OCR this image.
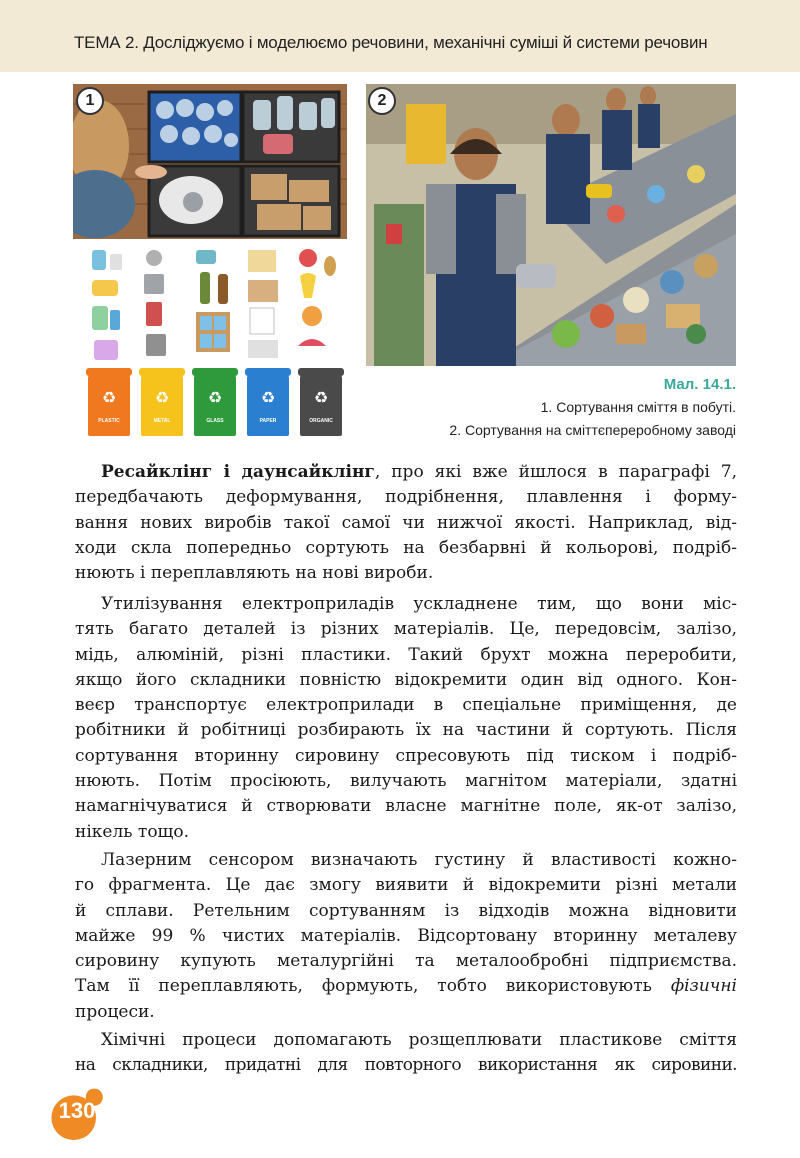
ТЕМА 2. Досліджуємо і моделюємо речовини, механічні суміші й системи речовин
1
♻
PLASTIC
♻
METAL
♻
GLASS
♻
PAPER
♻
ORGANIC
2
Мал. 14.1.
1. Сортування сміття в побуті.
2. Сортування на сміттєпереробному заводі
Ресайклінг і даунсайклінг, про які вже йшлося в параграфі 7,
передбачають деформування, подрібнення, плавлення і форму-
вання нових виробів такої самої чи нижчої якості. Наприклад, від-
ходи скла попередньо сортують на безбарвні й кольорові, подріб-
нюють і переплавляють на нові вироби.
Утилізування електроприладів ускладнене тим, що вони міс-
тять багато деталей із різних матеріалів. Це, передовсім, залізо,
мідь, алюміній, різні пластики. Такий брухт можна переробити,
якщо його складники повністю відокремити один від одного. Кон-
веєр транспортує електроприлади в спеціальне приміщення, де
робітники й робітниці розбирають їх на частини й сортують. Після
сортування вторинну сировину спресовують під тиском і подріб-
нюють. Потім просіюють, вилучають магнітом матеріали, здатні
намагнічуватися й створювати власне магнітне поле, як-от залізо,
нікель тощо.
Лазерним сенсором визначають густину й властивості кожно-
го фрагмента. Це дає змогу виявити й відокремити різні метали
й сплави. Ретельним сортуванням із відходів можна відновити
майже 99 % чистих матеріалів. Відсортовану вторинну металеву
сировину купують металургійні та металообробні підприємства.
Там її переплавляють, формують, тобто використовують фізичні
процеси.
Хімічні процеси допомагають розщеплювати пластикове сміття
на складники, придатні для повторного використання як сировини.
130
